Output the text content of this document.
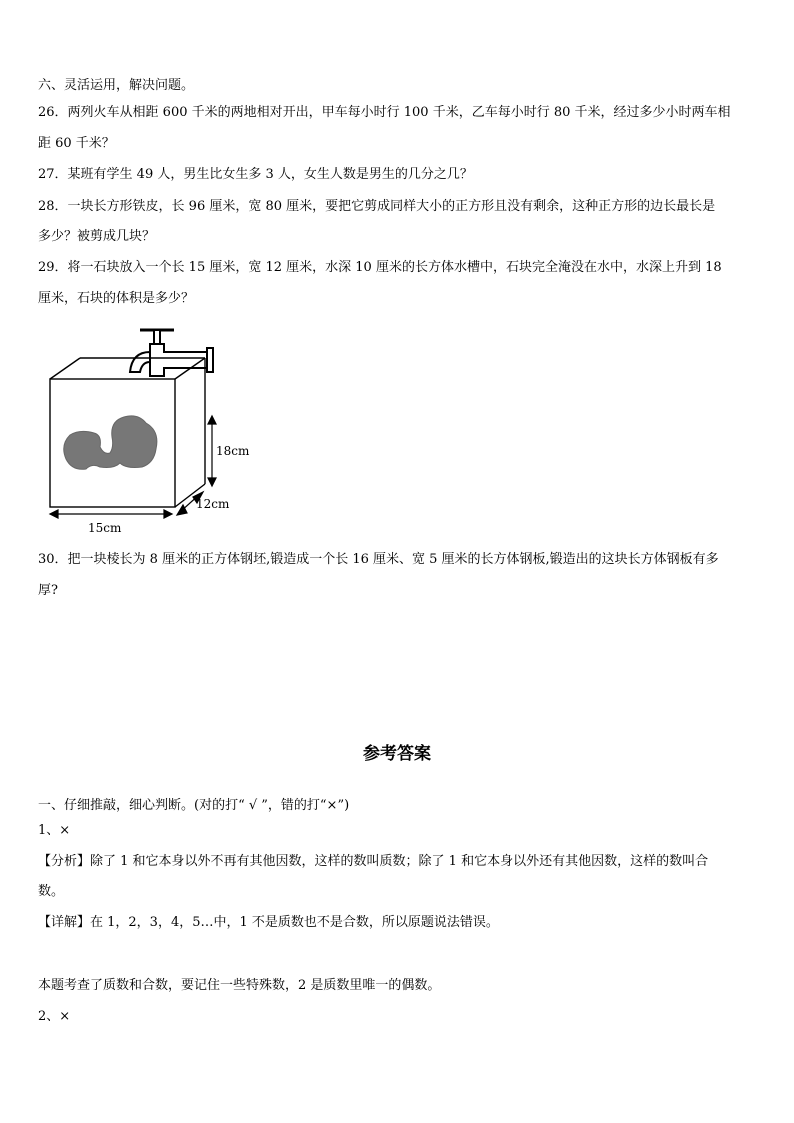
六、灵活运用，解决问题。
26．两列火车从相距 600 千米的两地相对开出，甲车每小时行 100 千米，乙车每小时行 80 千米，经过多少小时两车相
距 60 千米？
27．某班有学生 49 人，男生比女生多 3 人，女生人数是男生的几分之几？
28．一块长方形铁皮，长 96 厘米，宽 80 厘米，要把它剪成同样大小的正方形且没有剩余，这种正方形的边长最长是
多少？被剪成几块？
29．将一石块放入一个长 15 厘米，宽 12 厘米，水深 10 厘米的长方体水槽中，石块完全淹没在水中，水深上升到 18
厘米，石块的体积是多少？
18cm
12cm
15cm
30．把一块棱长为 8 厘米的正方体钢坯,锻造成一个长 16 厘米、宽 5 厘米的长方体钢板,锻造出的这块长方体钢板有多
厚?
参考答案
一、仔细推敲，细心判断。(对的打“ √ ”，错的打“×”)
1、×
【分析】除了 1 和它本身以外不再有其他因数，这样的数叫质数；除了 1 和它本身以外还有其他因数，这样的数叫合
数。
【详解】在 1，2，3，4，5…中，1 不是质数也不是合数，所以原题说法错误。
本题考查了质数和合数，要记住一些特殊数，2 是质数里唯一的偶数。
2、×
